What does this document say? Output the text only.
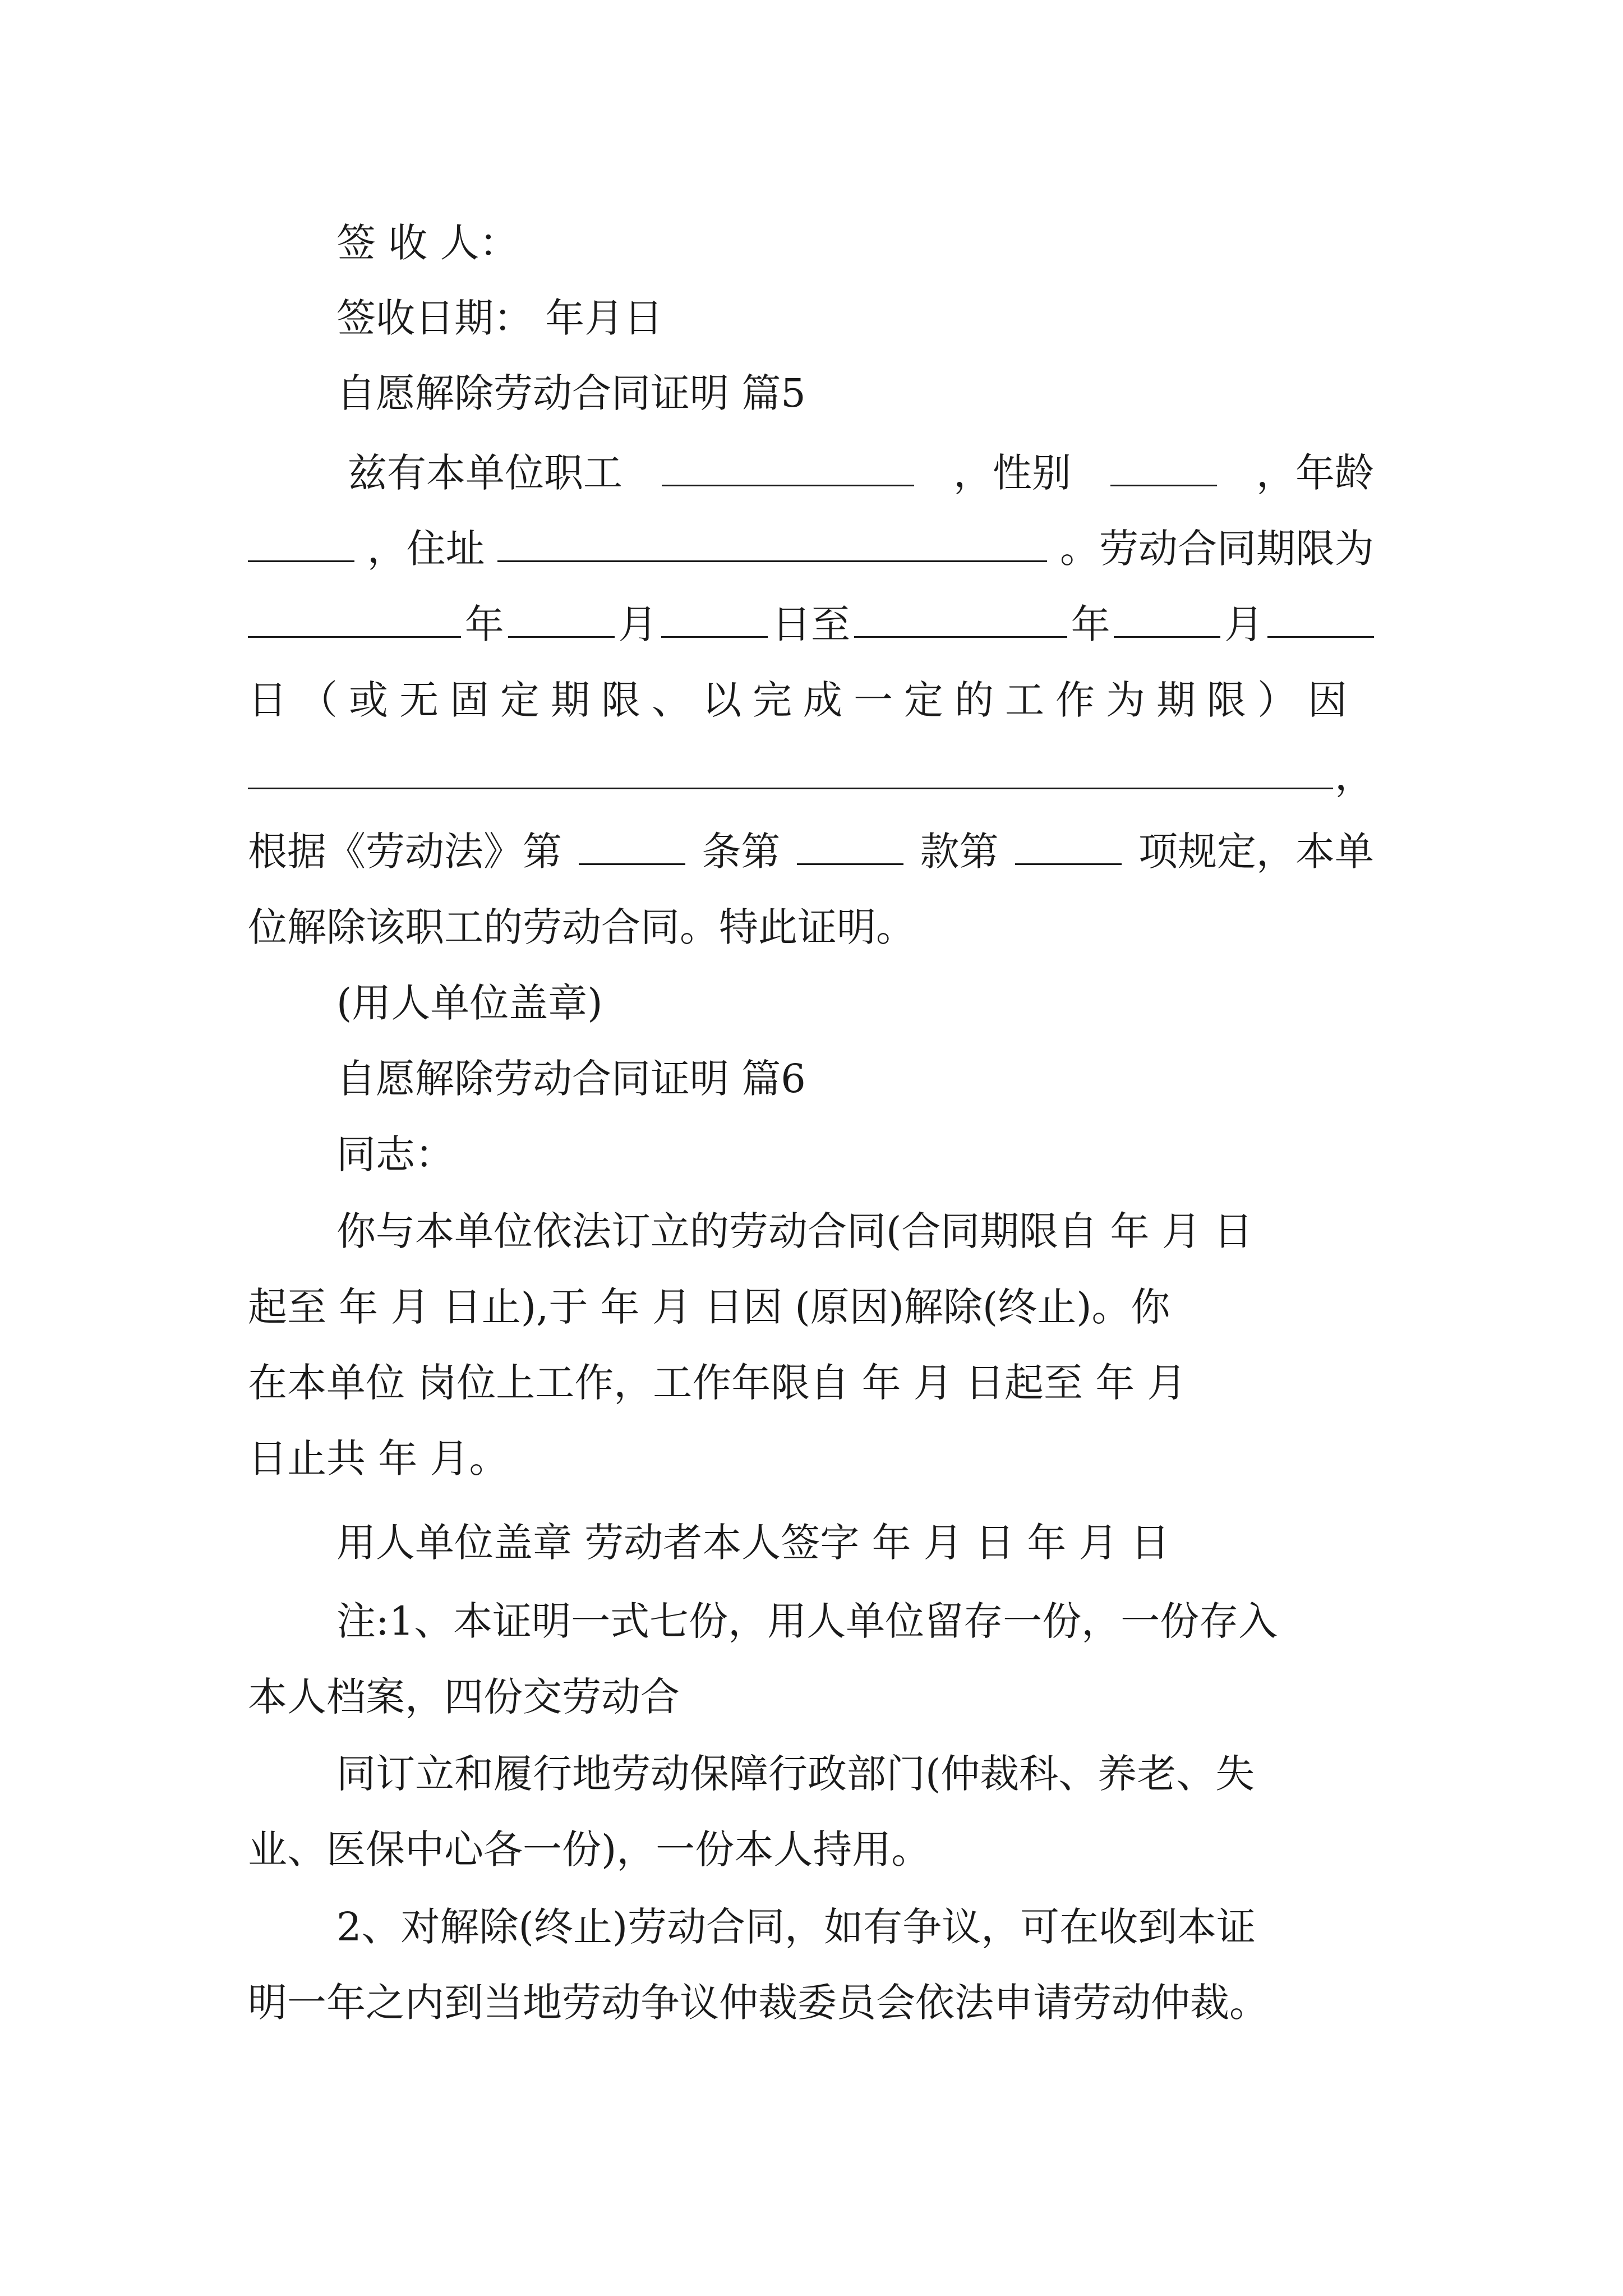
签 收 人：
签收日期： 年月日
自愿解除劳动合同证明 篇5
兹有本单位职工	，性别	，年龄
，住址	。劳动合同期限为
年	月	日至	年	月
日（或无固定期限、以完成一定的工作为期限）因
，
根据《劳动法》第	条第	款第	项规定，本单
位解除该职工的劳动合同。特此证明。
(用人单位盖章)
自愿解除劳动合同证明 篇6
同志：
你与本单位依法订立的劳动合同(合同期限自 年 月 日
起至 年 月 日止),于 年 月 日因 (原因)解除(终止)。你
在本单位 岗位上工作，工作年限自 年 月 日起至 年 月
日止共 年 月。
用人单位盖章 劳动者本人签字 年 月 日 年 月 日
注:1、本证明一式七份，用人单位留存一份，一份存入
本人档案，四份交劳动合
同订立和履行地劳动保障行政部门(仲裁科、养老、失
业、医保中心各一份)，一份本人持用。
2、对解除(终止)劳动合同，如有争议，可在收到本证
明一年之内到当地劳动争议仲裁委员会依法申请劳动仲裁。
